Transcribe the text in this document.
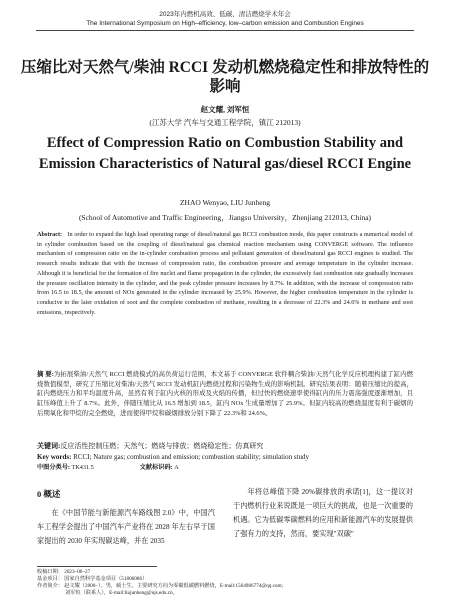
2023年内燃机高效、低碳、清洁燃烧学术年会
The International Symposium on High–efficiency, low–carbon emission and Combustion Engines
压缩比对天然气/柴油 RCCI 发动机燃烧稳定性和排放特性的影响
赵文耀, 刘军恒
(江苏大学 汽车与交通工程学院，镇江 212013)
Effect of Compression Ratio on Combustion Stability and Emission Characteristics of Natural gas/diesel RCCI Engine
ZHAO Wenyao, LIU Junheng
(School of Automotive and Traffic Engineering，Jiangsu University，Zhenjiang 212013, China)

Abstract: In order to expand the high load operating range of diesel/natural gas RCCI combustion mode, this paper constructs a numerical model of in cylinder combustion based on the coupling of diesel/natural gas chemical reaction mechanism using CONVERGE software. The influence mechanism of compression ratio on the in-cylinder combustion process and pollutant generation of diesel/natural gas RCCI engines is studied. The research results indicate that with the increase of compression ratio, the combustion pressure and average temperature in the cylinder increase. Although it is beneficial for the formation of fire nuclei and flame propagation in the cylinder, the excessively fast combustion rate gradually increases the pressure oscillation intensity in the cylinder, and the peak cylinder pressure increases by 8.7%. In addition, with the increase of compression ratio from 16.5 to 18.5, the amount of NOx generated in the cylinder increased by 25.9%. However, the higher combustion temperature in the cylinder is conducive to the later oxidation of soot and the complete combustion of methane, resulting in a decrease of 22.3% and 24.6% in methane and soot emissions, respectively.

摘 要:为拓展柴油/天然气 RCCI 燃烧模式的高负荷运行范围，本文基于 CONVERGE 软件耦合柴油/天然气化学反应机理构建了缸内燃烧数值模型，研究了压缩比对柴油/天然气 RCCI 发动机缸内燃烧过程和污染物生成的影响机制。研究结果表明：随着压缩比的提高，缸内燃烧压力和平均温度升高，虽然有利于缸内火核的形成及火焰的传播，但过快的燃烧速率使得缸内的压力震荡强度逐渐增加，且缸压峰值上升了 8.7%。此外，伴随压缩比从 16.5 增加到 18.5，缸内 NOx 生成量增加了 25.9%。但缸内较高的燃烧温度有利于碳烟的后期氧化和甲烷的完全燃烧，进而使得甲烷和碳烟排放分别下降了 22.3%和 24.6%。

关键词:反应活性控制压燃；天然气；燃烧与排放；燃烧稳定性；仿真研究

Key words: RCCI; Nature gas; combustion and emission; combustion stability; simulation study

中图分类号: TK431.5	文献标识码: A

0 概述

在《中国节能与新能源汽车路线图 2.0》中，中国汽车工程学会提出了中国汽车产业将在 2028 年左右早于国家提出的 2030 年实现碳达峰，并在 2035

年将总峰值下降 20%碳排放的承诺[1]，这一提议对于内燃机行业来说既是一项巨大的挑战，也是一次重要的机遇。它为低碳零碳燃料的应用和新能源汽车的发展提供了强有力的支持，然而，要实现"双碳"

收稿日期： 2023–06–27

基金项目： 国家自然科学基金项目（51806086）

作者简介： 赵文耀（2000–），男，硕士生，主要研究方向为零碳低碳燃料燃烧，E-mail:1564986774@qq.com;

刘军恒（联系人），E-mail:liujunheng@ujs.edu.cn。
